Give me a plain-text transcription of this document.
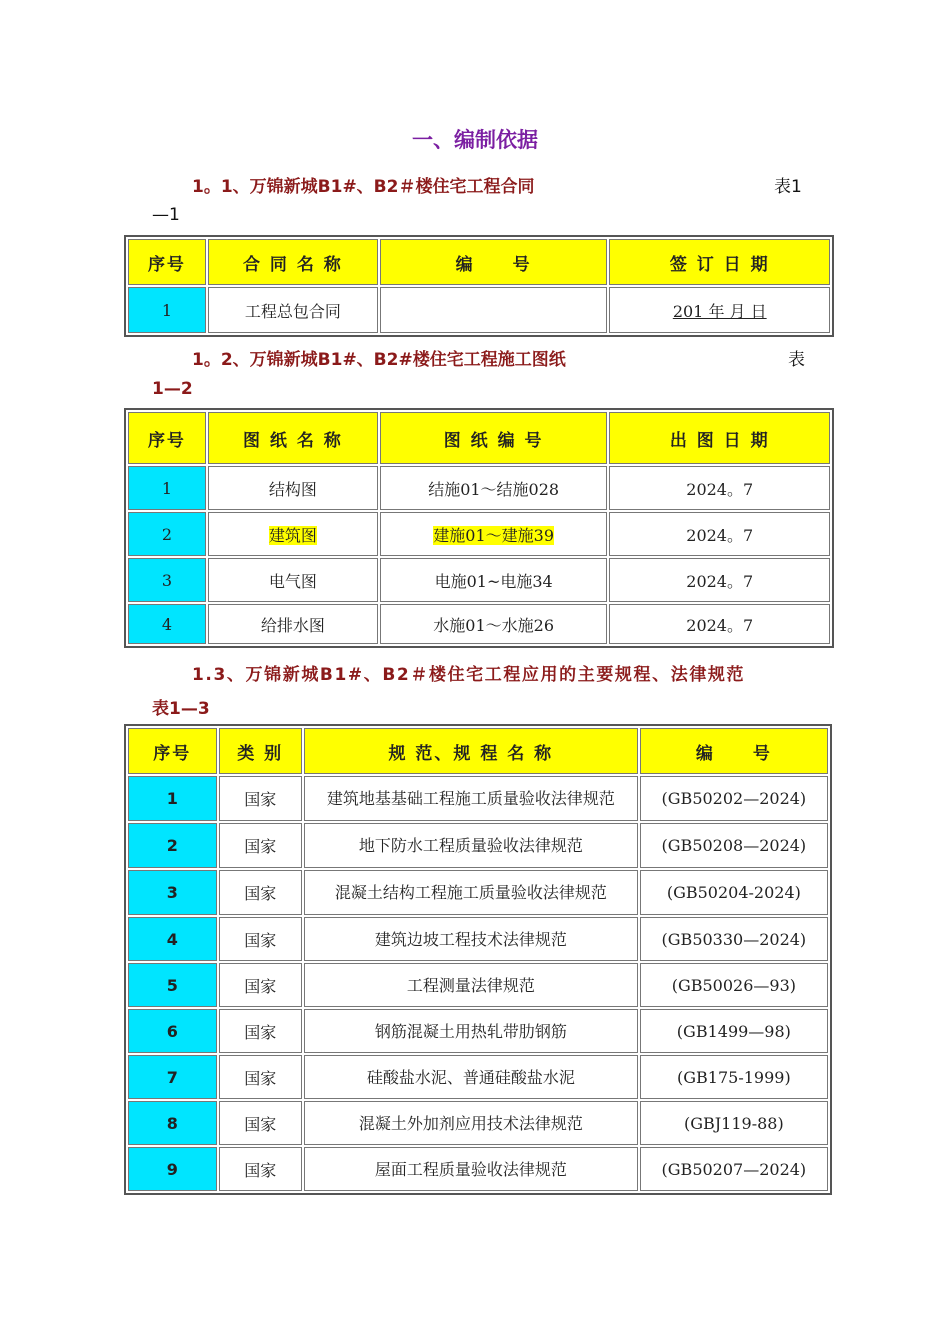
一、编制依据
1。1、万锦新城B1#、B2＃楼住宅工程合同	表1
—1
序号	合 同 名 称	编　　号	签 订 日 期
1	工程总包合同		201 年 月 日
1。2、万锦新城B1#、B2#楼住宅工程施工图纸	表
1—2
序号	图 纸 名 称	图 纸 编 号	出 图 日 期
1	结构图	结施01～结施028	2024。7
2	建筑图	建施01～建施39	2024。7
3	电气图	电施01~电施34	2024。7
4	给排水图	水施01～水施26	2024。7
1.3、万锦新城B1#、B2＃楼住宅工程应用的主要规程、法律规范
表1—3
序号	类 别	规 范、规 程 名 称	编　　号
1	国家	建筑地基基础工程施工质量验收法律规范	(GB50202—2024)
2	国家	地下防水工程质量验收法律规范	(GB50208—2024)
3	国家	混凝土结构工程施工质量验收法律规范	(GB50204-2024)
4	国家	建筑边坡工程技术法律规范	(GB50330—2024)
5	国家	工程测量法律规范	(GB50026—93)
6	国家	钢筋混凝土用热轧带肋钢筋	(GB1499—98)
7	国家	硅酸盐水泥、普通硅酸盐水泥	(GB175-1999)
8	国家	混凝土外加剂应用技术法律规范	(GBJ119-88)
9	国家	屋面工程质量验收法律规范	(GB50207—2024)
